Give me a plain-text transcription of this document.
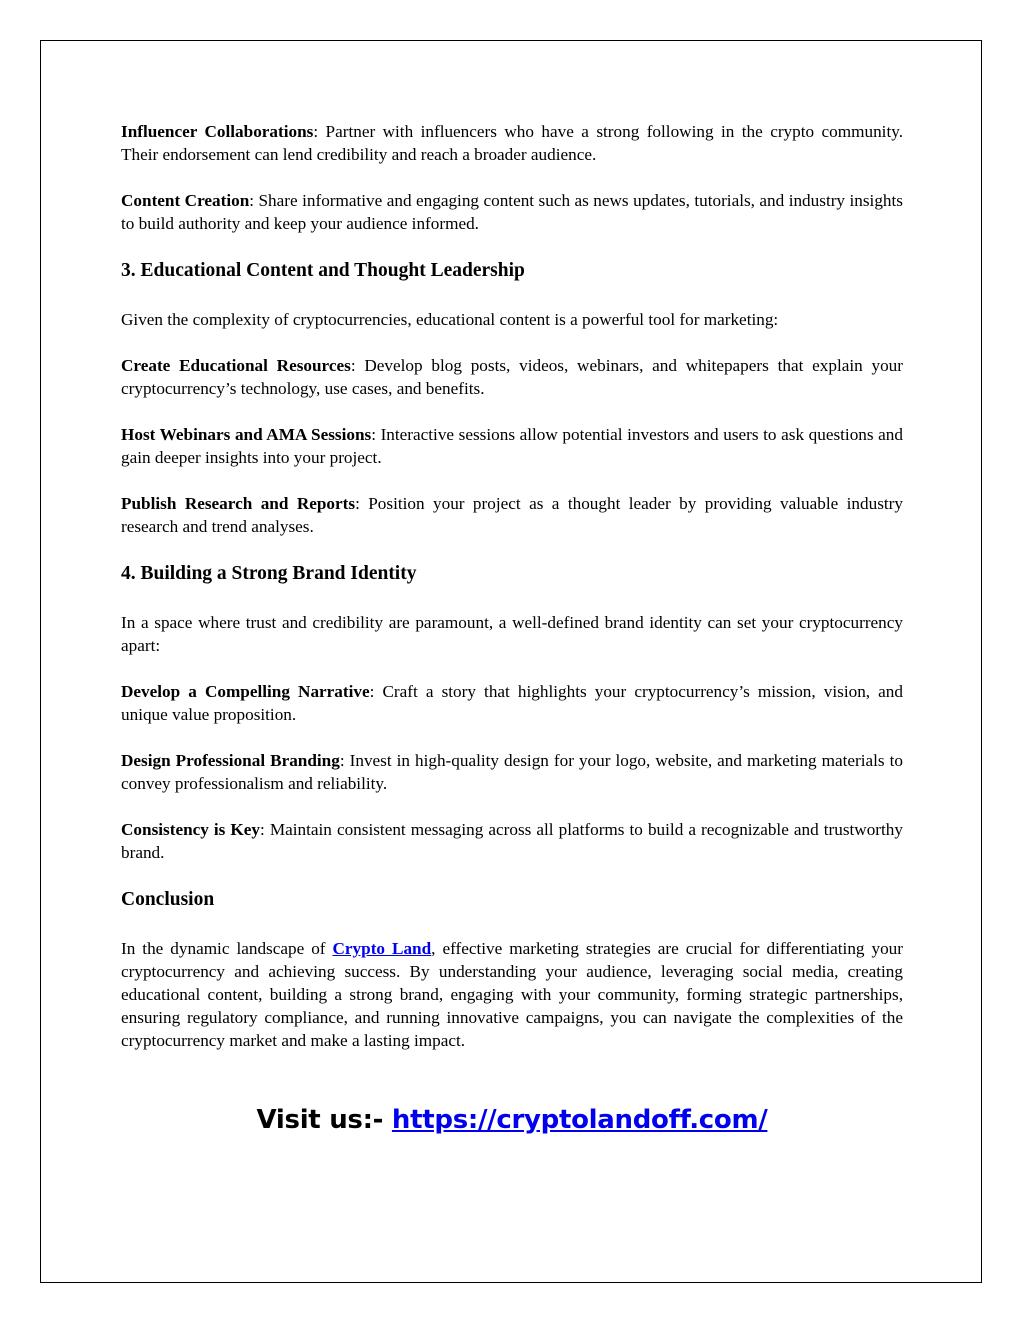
Influencer Collaborations: Partner with influencers who have a strong following in the crypto community. Their endorsement can lend credibility and reach a broader audience.

Content Creation: Share informative and engaging content such as news updates, tutorials, and industry insights to build authority and keep your audience informed.

3. Educational Content and Thought Leadership

Given the complexity of cryptocurrencies, educational content is a powerful tool for marketing:

Create Educational Resources: Develop blog posts, videos, webinars, and whitepapers that explain your cryptocurrency’s technology, use cases, and benefits.

Host Webinars and AMA Sessions: Interactive sessions allow potential investors and users to ask questions and gain deeper insights into your project.

Publish Research and Reports: Position your project as a thought leader by providing valuable industry research and trend analyses.

4. Building a Strong Brand Identity

In a space where trust and credibility are paramount, a well-defined brand identity can set your cryptocurrency apart:

Develop a Compelling Narrative: Craft a story that highlights your cryptocurrency’s mission, vision, and unique value proposition.

Design Professional Branding: Invest in high-quality design for your logo, website, and marketing materials to convey professionalism and reliability.

Consistency is Key: Maintain consistent messaging across all platforms to build a recognizable and trustworthy brand.

Conclusion

In the dynamic landscape of Crypto Land, effective marketing strategies are crucial for differentiating your cryptocurrency and achieving success. By understanding your audience, leveraging social media, creating educational content, building a strong brand, engaging with your community, forming strategic partnerships, ensuring regulatory compliance, and running innovative campaigns, you can navigate the complexities of the cryptocurrency market and make a lasting impact.

Visit us:- https://cryptolandoff.com/
